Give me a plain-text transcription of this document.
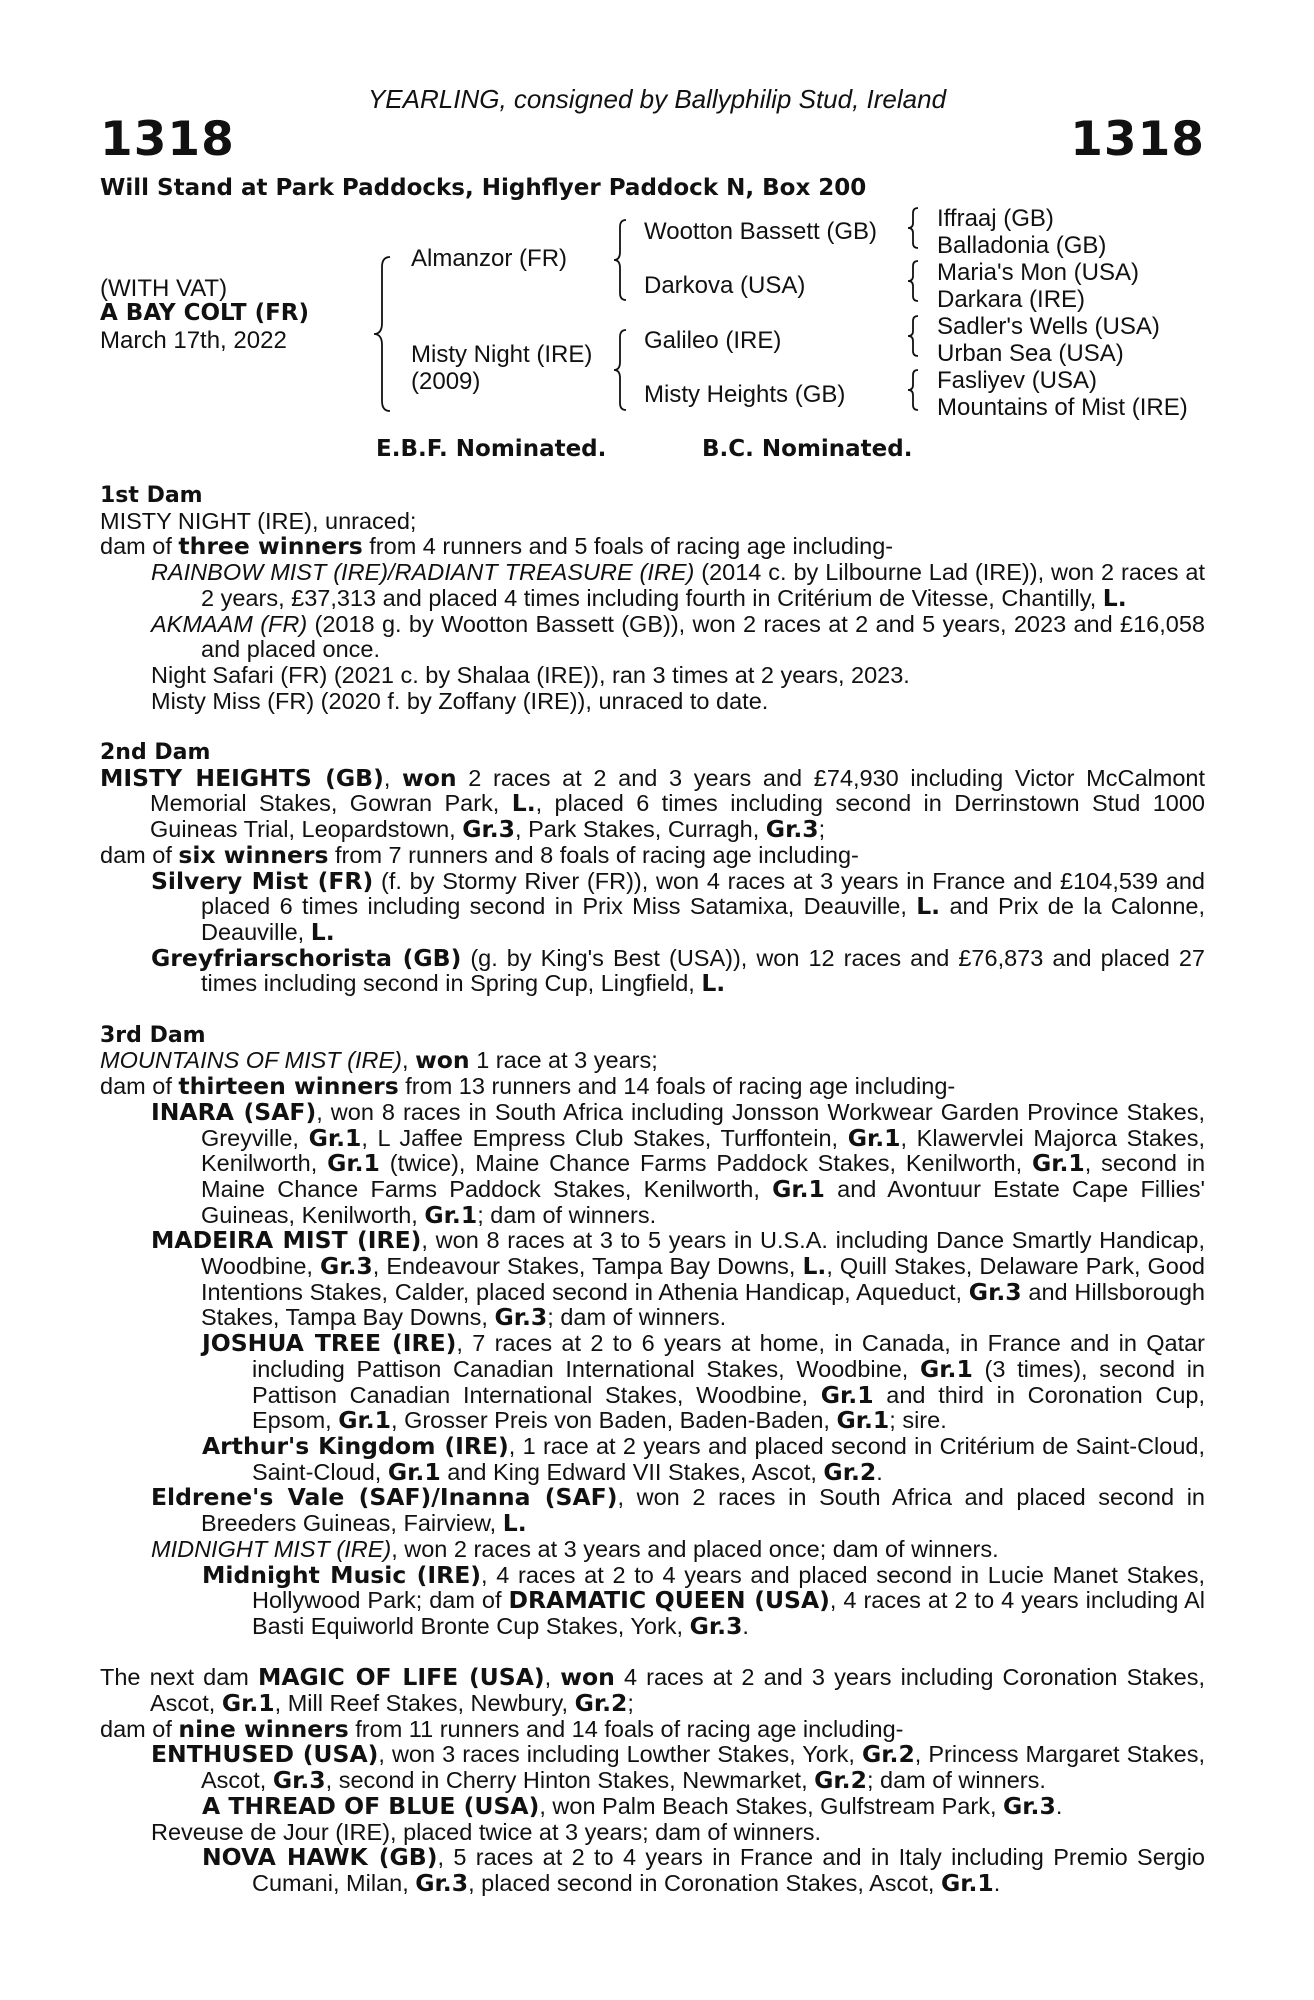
YEARLING, consigned by Ballyphilip Stud, Ireland
1318	1318
Will Stand at Park Paddocks, Highflyer Paddock N, Box 200
(WITH VAT)
A BAY COLT (FR)
March 17th, 2022
Almanzor (FR)
Misty Night (IRE)
(2009)
Wootton Bassett (GB)
Darkova (USA)
Galileo (IRE)
Misty Heights (GB)
Iffraaj (GB)
Balladonia (GB)
Maria's Mon (USA)
Darkara (IRE)
Sadler's Wells (USA)
Urban Sea (USA)
Fasliyev (USA)
Mountains of Mist (IRE)
E.B.F. Nominated.	B.C. Nominated.
1st Dam
MISTY NIGHT (IRE), unraced;
dam of three winners from 4 runners and 5 foals of racing age including-
RAINBOW MIST (IRE)/RADIANT TREASURE (IRE) (2014 c. by Lilbourne Lad (IRE)), won 2 races at 2 years, £37,313 and placed 4 times including fourth in Critérium de Vitesse, Chantilly, L.
AKMAAM (FR) (2018 g. by Wootton Bassett (GB)), won 2 races at 2 and 5 years, 2023 and £16,058 and placed once.
Night Safari (FR) (2021 c. by Shalaa (IRE)), ran 3 times at 2 years, 2023.
Misty Miss (FR) (2020 f. by Zoffany (IRE)), unraced to date.
2nd Dam
MISTY HEIGHTS (GB), won 2 races at 2 and 3 years and £74,930 including Victor McCalmont Memorial Stakes, Gowran Park, L., placed 6 times including second in Derrinstown Stud 1000 Guineas Trial, Leopardstown, Gr.3, Park Stakes, Curragh, Gr.3;
dam of six winners from 7 runners and 8 foals of racing age including-
Silvery Mist (FR) (f. by Stormy River (FR)), won 4 races at 3 years in France and £104,539 and placed 6 times including second in Prix Miss Satamixa, Deauville, L. and Prix de la Calonne, Deauville, L.
Greyfriarschorista (GB) (g. by King's Best (USA)), won 12 races and £76,873 and placed 27 times including second in Spring Cup, Lingfield, L.
3rd Dam
MOUNTAINS OF MIST (IRE), won 1 race at 3 years;
dam of thirteen winners from 13 runners and 14 foals of racing age including-
INARA (SAF), won 8 races in South Africa including Jonsson Workwear Garden Province Stakes, Greyville, Gr.1, L Jaffee Empress Club Stakes, Turffontein, Gr.1, Klawervlei Majorca Stakes, Kenilworth, Gr.1 (twice), Maine Chance Farms Paddock Stakes, Kenilworth, Gr.1, second in Maine Chance Farms Paddock Stakes, Kenilworth, Gr.1 and Avontuur Estate Cape Fillies' Guineas, Kenilworth, Gr.1; dam of winners.
MADEIRA MIST (IRE), won 8 races at 3 to 5 years in U.S.A. including Dance Smartly Handicap, Woodbine, Gr.3, Endeavour Stakes, Tampa Bay Downs, L., Quill Stakes, Delaware Park, Good Intentions Stakes, Calder, placed second in Athenia Handicap, Aqueduct, Gr.3 and Hillsborough Stakes, Tampa Bay Downs, Gr.3; dam of winners.
JOSHUA TREE (IRE), 7 races at 2 to 6 years at home, in Canada, in France and in Qatar including Pattison Canadian International Stakes, Woodbine, Gr.1 (3 times), second in Pattison Canadian International Stakes, Woodbine, Gr.1 and third in Coronation Cup, Epsom, Gr.1, Grosser Preis von Baden, Baden-Baden, Gr.1; sire.
Arthur's Kingdom (IRE), 1 race at 2 years and placed second in Critérium de Saint-Cloud, Saint-Cloud, Gr.1 and King Edward VII Stakes, Ascot, Gr.2.
Eldrene's Vale (SAF)/Inanna (SAF), won 2 races in South Africa and placed second in Breeders Guineas, Fairview, L.
MIDNIGHT MIST (IRE), won 2 races at 3 years and placed once; dam of winners.
Midnight Music (IRE), 4 races at 2 to 4 years and placed second in Lucie Manet Stakes, Hollywood Park; dam of DRAMATIC QUEEN (USA), 4 races at 2 to 4 years including Al Basti Equiworld Bronte Cup Stakes, York, Gr.3.
The next dam MAGIC OF LIFE (USA), won 4 races at 2 and 3 years including Coronation Stakes, Ascot, Gr.1, Mill Reef Stakes, Newbury, Gr.2;
dam of nine winners from 11 runners and 14 foals of racing age including-
ENTHUSED (USA), won 3 races including Lowther Stakes, York, Gr.2, Princess Margaret Stakes, Ascot, Gr.3, second in Cherry Hinton Stakes, Newmarket, Gr.2; dam of winners.
A THREAD OF BLUE (USA), won Palm Beach Stakes, Gulfstream Park, Gr.3.
Reveuse de Jour (IRE), placed twice at 3 years; dam of winners.
NOVA HAWK (GB), 5 races at 2 to 4 years in France and in Italy including Premio Sergio Cumani, Milan, Gr.3, placed second in Coronation Stakes, Ascot, Gr.1.
